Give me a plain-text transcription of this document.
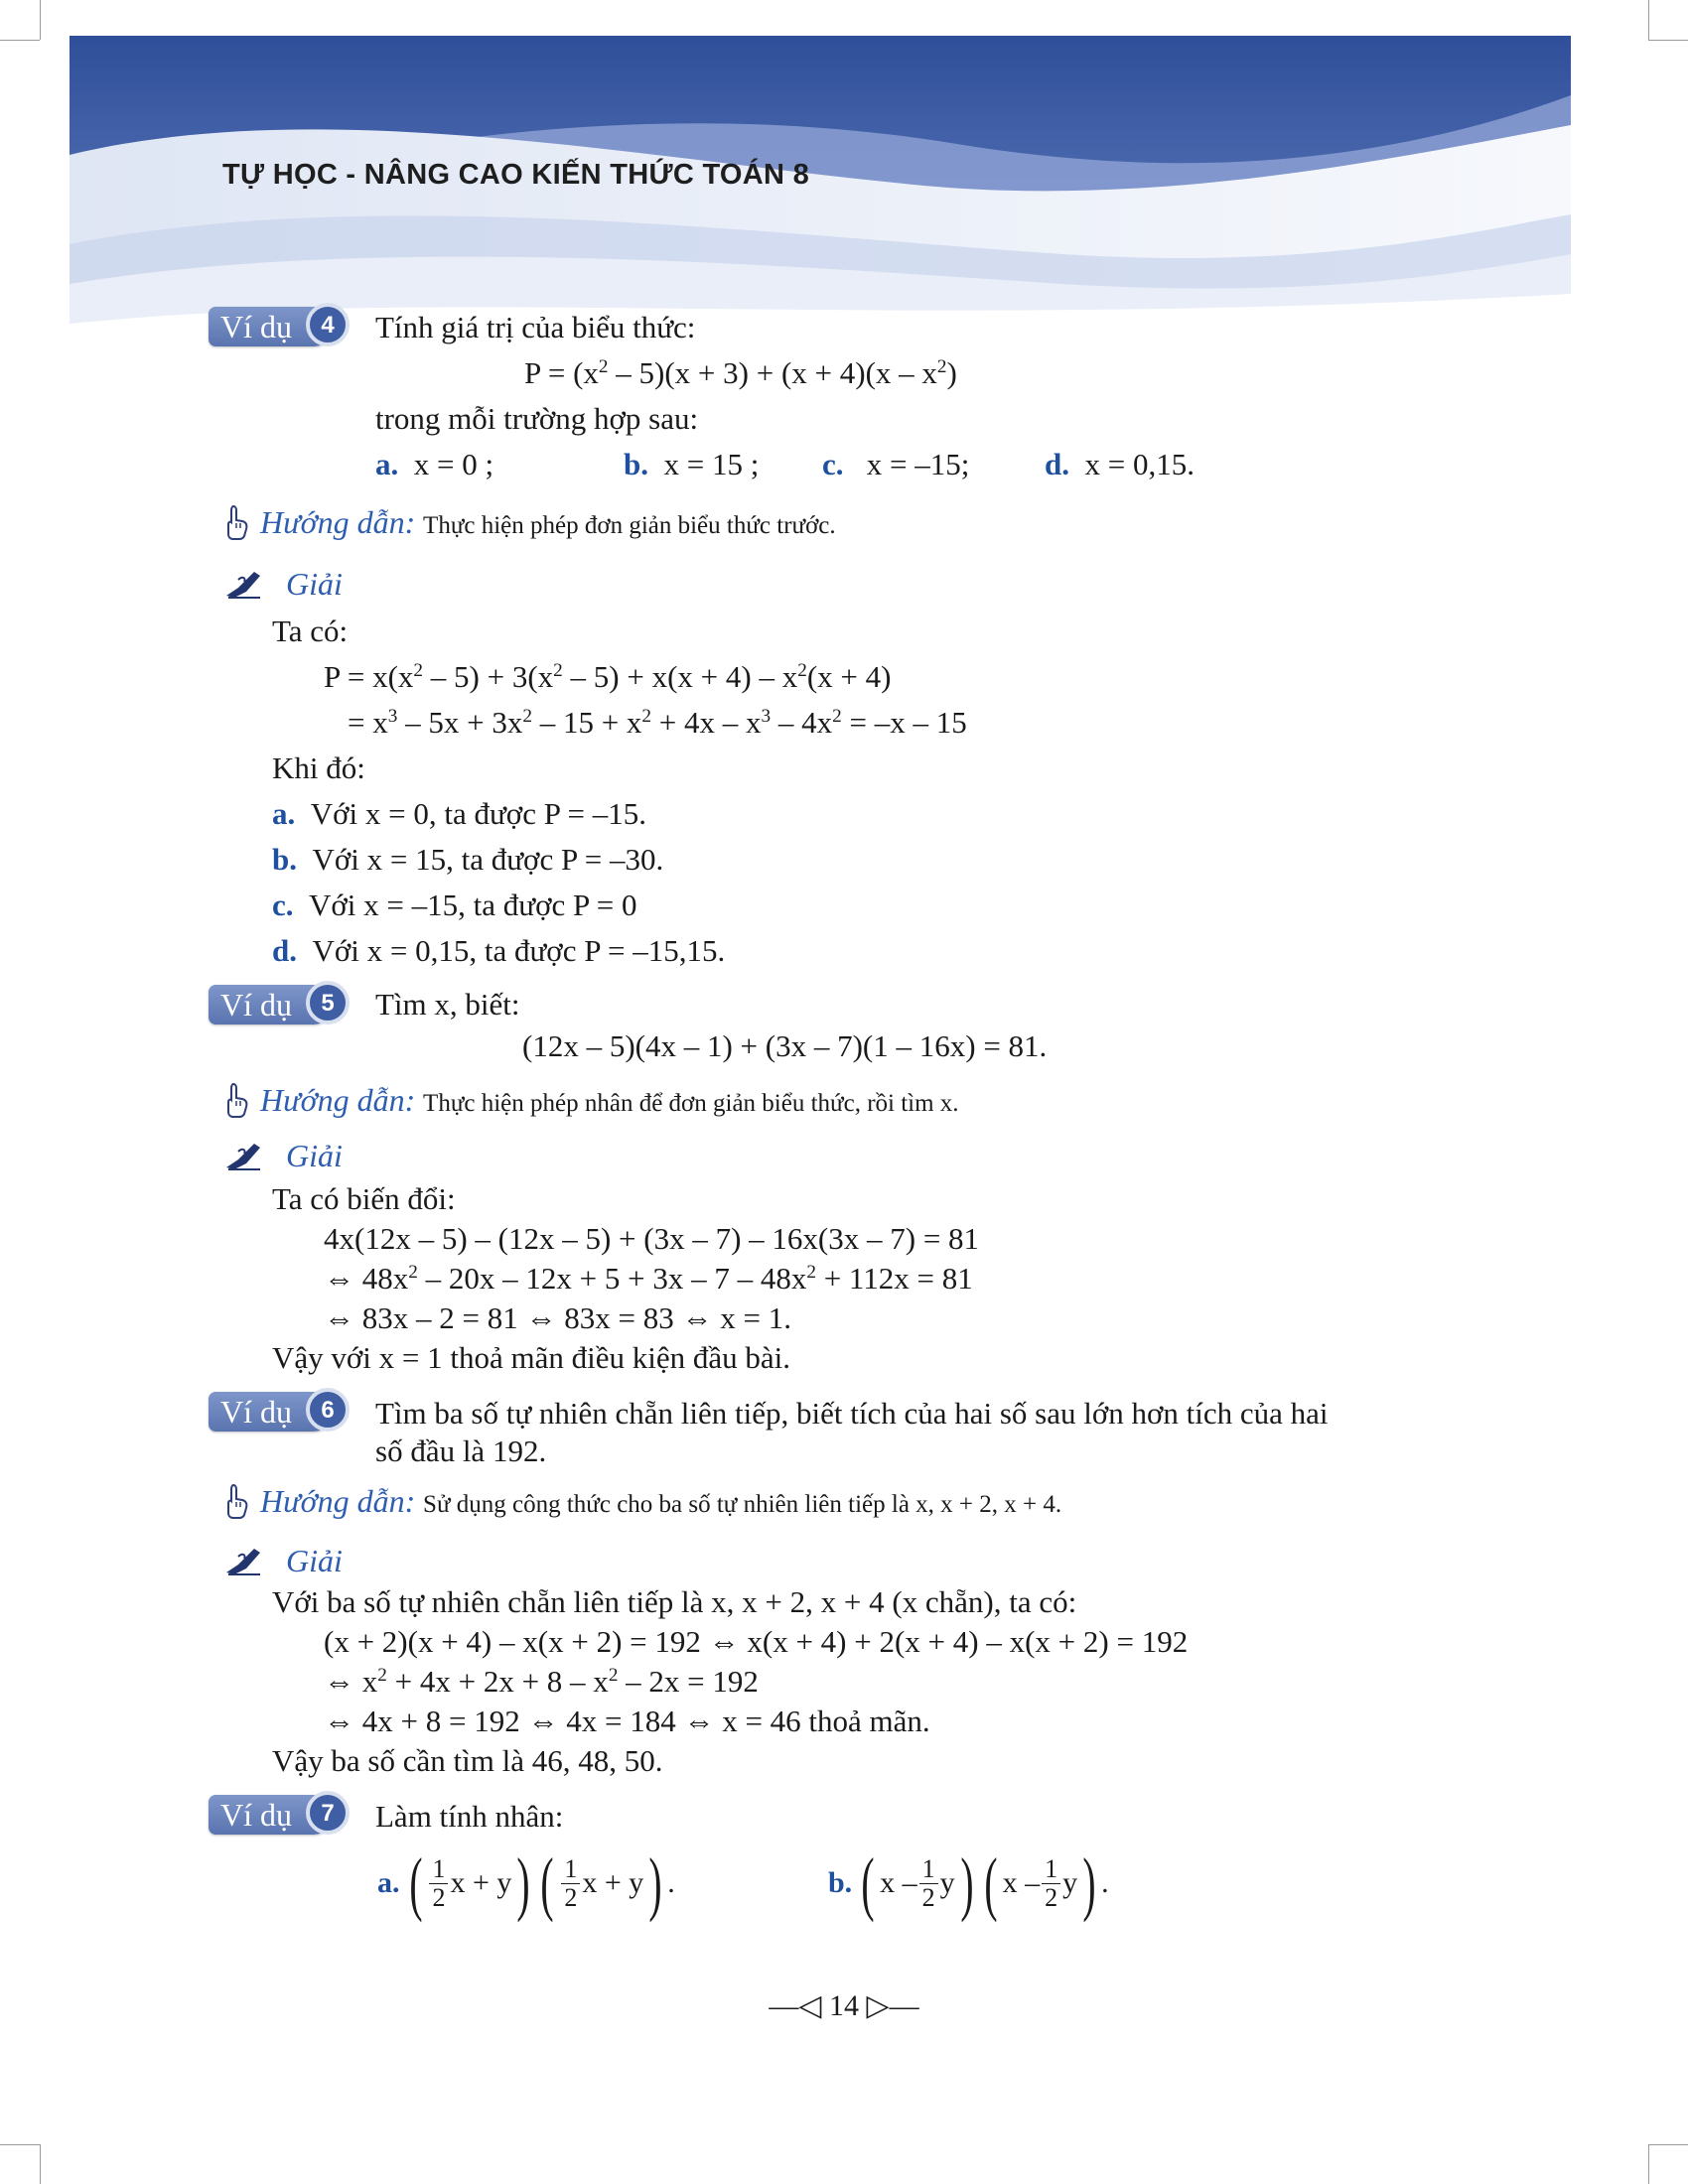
TỰ HỌC - NÂNG CAO KIẾN THỨC TOÁN 8
Ví dụ	4	Tính giá trị của biểu thức:
$P = (x^2 - 5)(x + 3) + (x + 4)(x - x^2)$
trong mỗi trường hợp sau:
a. x = 0 ;	b. x = 15 ; c. x = –15; d. x = 0,15.
Hướng dẫn: Thực hiện phép đơn giản biểu thức trước.
Giải
Ta có:
$P = x(x^2 - 5) + 3(x^2 - 5) + x(x + 4) - x^2(x + 4)$
= $x^3 - 5x + 3x^2 - 15 + x^2 + 4x - x^3 - 4x^2 = -x - 15$
Khi đó:
a. Với x = 0, ta được P = –15.
b. Với x = 15, ta được P = –30.
c. Với x = –15, ta được P = 0
d. Với x = 0,15, ta được P = –15,15.
Ví dụ	5	Tìm x, biết:
(12x – 5)(4x – 1) + (3x – 7)(1 – 16x) = 81.
Hướng dẫn: Thực hiện phép nhân để đơn giản biểu thức, rồi tìm x.
Giải
Ta có biến đổi:
4x(12x – 5) – (12x – 5) + (3x – 7) – 16x(3x – 7) = 81
⇔ $48x^2 - 20x - 12x + 5 + 3x - 7 - 48x^2 + 112x = 81$
⇔ 83x – 2 = 81 ⇔ 83x = 83 ⇔ x = 1.
Vậy với x = 1 thoả mãn điều kiện đầu bài.
Ví dụ	6	Tìm ba số tự nhiên chẵn liên tiếp, biết tích của hai số sau lớn hơn tích của hai
số đầu là 192.
Hướng dẫn: Sử dụng công thức cho ba số tự nhiên liên tiếp là x, x + 2, x + 4.
Giải
Với ba số tự nhiên chẵn liên tiếp là x, x + 2, x + 4 (x chẵn), ta có:
(x + 2)(x + 4) – x(x + 2) = 192 ⇔ x(x + 4) + 2(x + 4) – x(x + 2) = 192
⇔ $x^2 + 4x + 2x + 8 - x^2 - 2x = 192$
⇔ 4x + 8 = 192 ⇔ 4x = 184 ⇔ x = 46 thoả mãn.
Vậy ba số cần tìm là 46, 48, 50.
Ví dụ	7	Làm tính nhân:
a. ( $\frac{1}{2}$ x
+ y ) ( $\frac{1}{2}$ x
+ y ) .	b. ( x – $\frac{1}{2}$ y ) ( x – $\frac{1}{2}$ y ) .
––◁ 14 ▷––
